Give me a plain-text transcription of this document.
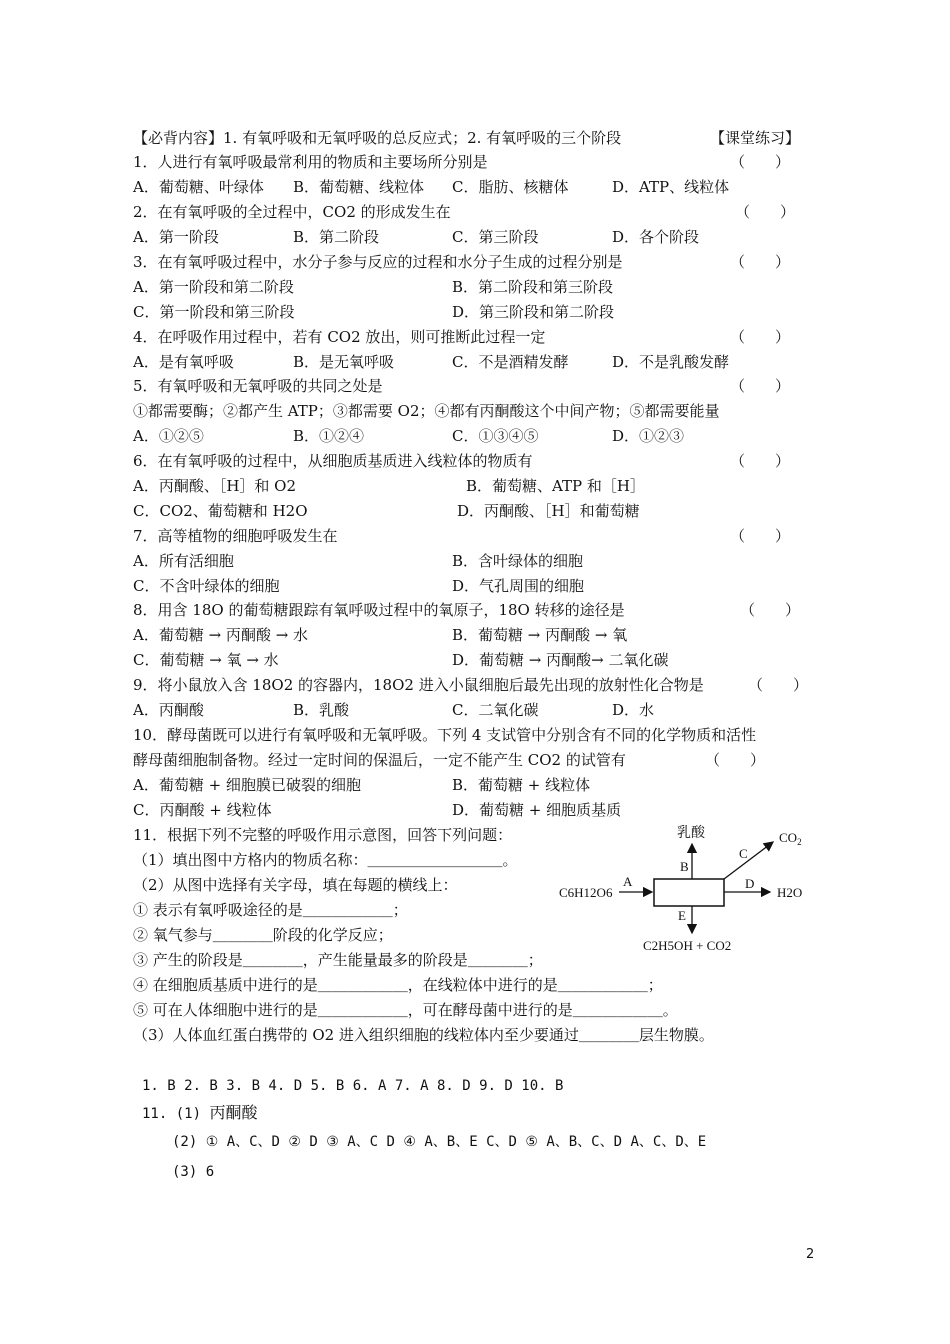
【必背内容】1. 有氧呼吸和无氧呼吸的总反应式；2. 有氧呼吸的三个阶段	【课堂练习】
1．人进行有氧呼吸最常利用的物质和主要场所分别是	（　　）
A．葡萄糖、叶绿体 B．葡萄糖、线粒体 C．脂肪、核糖体	D．ATP、线粒体
2．在有氧呼吸的全过程中，CO2 的形成发生在	（　　）
A．第一阶段	B．第二阶段	C．第三阶段	D．各个阶段
3．在有氧呼吸过程中，水分子参与反应的过程和水分子生成的过程分别是	（　　）
A．第一阶段和第二阶段	B．第二阶段和第三阶段
C．第一阶段和第三阶段	D．第三阶段和第二阶段
4．在呼吸作用过程中，若有 CO2 放出，则可推断此过程一定	（　　）
A．是有氧呼吸	B．是无氧呼吸	C．不是酒精发酵	D．不是乳酸发酵
5．有氧呼吸和无氧呼吸的共同之处是	（　　）
①都需要酶；②都产生 ATP；③都需要 O2；④都有丙酮酸这个中间产物；⑤都需要能量
A．①②⑤	B．①②④	C．①③④⑤	D．①②③
6．在有氧呼吸的过程中，从细胞质基质进入线粒体的物质有	（　　）
A．丙酮酸、［H］和 O2	B．葡萄糖、ATP 和［H］
C．CO2、葡萄糖和 H2O	D．丙酮酸、［H］和葡萄糖
7．高等植物的细胞呼吸发生在	（　　）
A．所有活细胞	B．含叶绿体的细胞
C．不含叶绿体的细胞	D．气孔周围的细胞
8．用含 18O 的葡萄糖跟踪有氧呼吸过程中的氧原子，18O 转移的途径是	（　　）
A．葡萄糖 → 丙酮酸 → 水	B．葡萄糖 → 丙酮酸 → 氧
C．葡萄糖 → 氧 → 水	D．葡萄糖 → 丙酮酸→ 二氧化碳
9．将小鼠放入含 18O2 的容器内，18O2 进入小鼠细胞后最先出现的放射性化合物是	（　　）
A．丙酮酸	B．乳酸	C．二氧化碳	D．水
10．酵母菌既可以进行有氧呼吸和无氧呼吸。下列 4 支试管中分别含有不同的化学物质和活性
酵母菌细胞制备物。经过一定时间的保温后，一定不能产生 CO2 的试管有	（　　）
A．葡萄糖 + 细胞膜已破裂的细胞	B．葡萄糖 + 线粒体
C．丙酮酸 + 线粒体	D．葡萄糖 + 细胞质基质
11．根据下列不完整的呼吸作用示意图，回答下列问题：
（1）填出图中方格内的物质名称：＿＿＿＿＿＿＿＿＿。
（2）从图中选择有关字母，填在每题的横线上：
① 表示有氧呼吸途径的是＿＿＿＿＿＿；
② 氧气参与＿＿＿＿阶段的化学反应；
③ 产生的阶段是＿＿＿＿，产生能量最多的阶段是＿＿＿＿；
④ 在细胞质基质中进行的是＿＿＿＿＿＿，在线粒体中进行的是＿＿＿＿＿＿；
⑤ 可在人体细胞中进行的是＿＿＿＿＿＿，可在酵母菌中进行的是＿＿＿＿＿＿。
（3）人体血红蛋白携带的 O2 进入组织细胞的线粒体内至少要通过＿＿＿＿层生物膜。
乳酸	$CO_2$
C6H12O6	H2O
C2H5OH + CO2
A
B
C
D
E
1. B 2. B 3. B 4. D 5. B 6. A 7. A 8. D 9. D 10. B
11. (1) 丙酮酸
(2) ① A、C、D ② D ③ A、C D ④ A、B、E C、D ⑤ A、B、C、D A、C、D、E
(3) 6
2
